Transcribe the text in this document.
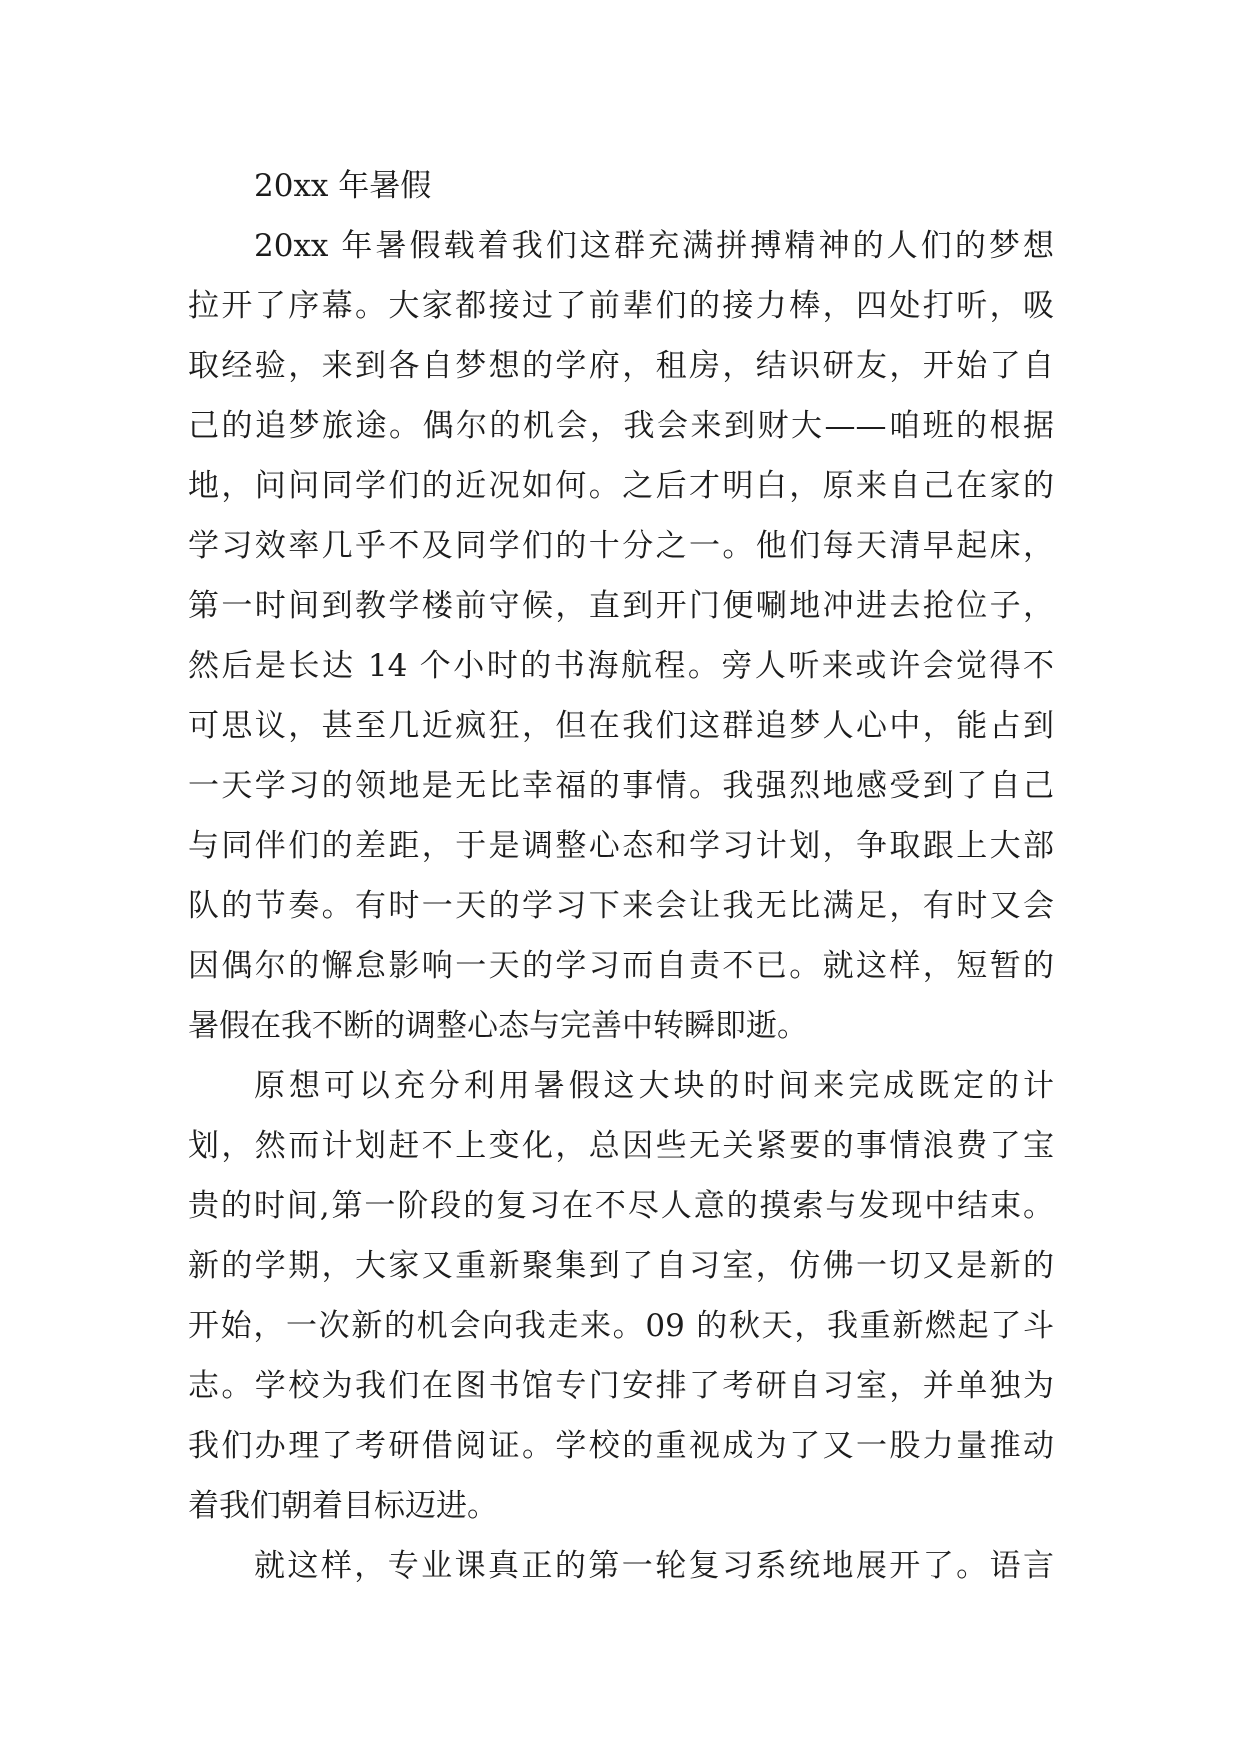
20xx 年暑假
20xx 年暑假载着我们这群充满拼搏精神的人们的梦想
拉开了序幕。大家都接过了前辈们的接力棒，四处打听，吸
取经验，来到各自梦想的学府，租房，结识研友，开始了自
己的追梦旅途。偶尔的机会，我会来到财大——咱班的根据
地，问问同学们的近况如何。之后才明白，原来自己在家的
学习效率几乎不及同学们的十分之一。他们每天清早起床，
第一时间到教学楼前守候，直到开门便唰地冲进去抢位子，
然后是长达 14 个小时的书海航程。旁人听来或许会觉得不
可思议，甚至几近疯狂，但在我们这群追梦人心中，能占到
一天学习的领地是无比幸福的事情。我强烈地感受到了自己
与同伴们的差距，于是调整心态和学习计划，争取跟上大部
队的节奏。有时一天的学习下来会让我无比满足，有时又会
因偶尔的懈怠影响一天的学习而自责不已。就这样，短暂的
暑假在我不断的调整心态与完善中转瞬即逝。
原想可以充分利用暑假这大块的时间来完成既定的计
划，然而计划赶不上变化，总因些无关紧要的事情浪费了宝
贵的时间,第一阶段的复习在不尽人意的摸索与发现中结束。
新的学期，大家又重新聚集到了自习室，仿佛一切又是新的
开始，一次新的机会向我走来。09 的秋天，我重新燃起了斗
志。学校为我们在图书馆专门安排了考研自习室，并单独为
我们办理了考研借阅证。学校的重视成为了又一股力量推动
着我们朝着目标迈进。
就这样，专业课真正的第一轮复习系统地展开了。语言
